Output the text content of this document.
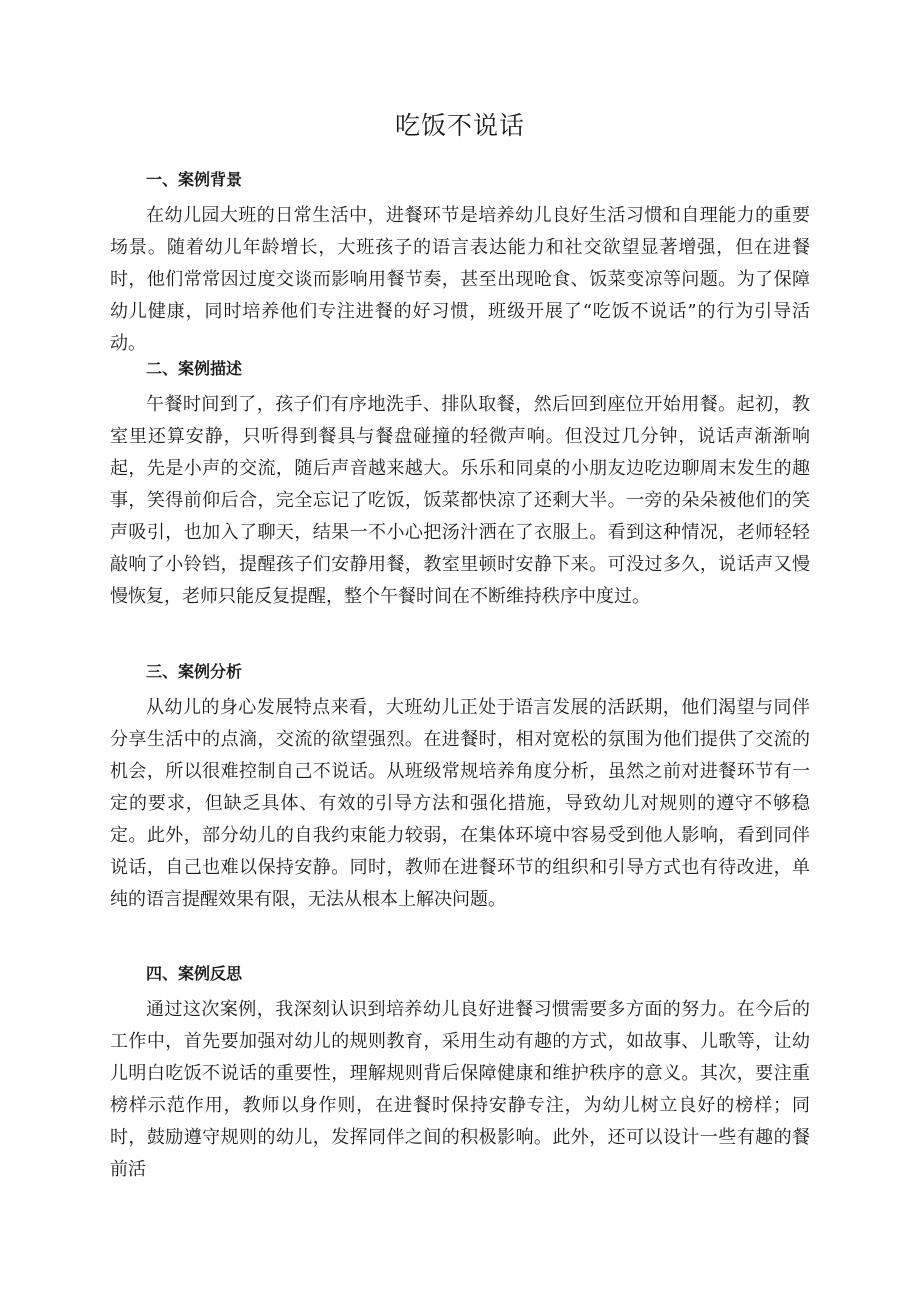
吃饭不说话
一、案例背景

在幼儿园大班的日常生活中，进餐环节是培养幼儿良好生活习惯和自理能力的重要场景。随着幼儿年龄增长，大班孩子的语言表达能力和社交欲望显著增强，但在进餐时，他们常常因过度交谈而影响用餐节奏，甚至出现呛食、饭菜变凉等问题。为了保障幼儿健康，同时培养他们专注进餐的好习惯，班级开展了“吃饭不说话”的行为引导活动。

二、案例描述

午餐时间到了，孩子们有序地洗手、排队取餐，然后回到座位开始用餐。起初，教室里还算安静，只听得到餐具与餐盘碰撞的轻微声响。但没过几分钟，说话声渐渐响起，先是小声的交流，随后声音越来越大。乐乐和同桌的小朋友边吃边聊周末发生的趣事，笑得前仰后合，完全忘记了吃饭，饭菜都快凉了还剩大半。一旁的朵朵被他们的笑声吸引，也加入了聊天，结果一不小心把汤汁洒在了衣服上。看到这种情况，老师轻轻敲响了小铃铛，提醒孩子们安静用餐，教室里顿时安静下来。可没过多久，说话声又慢慢恢复，老师只能反复提醒，整个午餐时间在不断维持秩序中度过。

三、案例分析

从幼儿的身心发展特点来看，大班幼儿正处于语言发展的活跃期，他们渴望与同伴分享生活中的点滴，交流的欲望强烈。在进餐时，相对宽松的氛围为他们提供了交流的机会，所以很难控制自己不说话。从班级常规培养角度分析，虽然之前对进餐环节有一定的要求，但缺乏具体、有效的引导方法和强化措施，导致幼儿对规则的遵守不够稳定。此外，部分幼儿的自我约束能力较弱，在集体环境中容易受到他人影响，看到同伴说话，自己也难以保持安静。同时，教师在进餐环节的组织和引导方式也有待改进，单纯的语言提醒效果有限，无法从根本上解决问题。

四、案例反思

通过这次案例，我深刻认识到培养幼儿良好进餐习惯需要多方面的努力。在今后的工作中，首先要加强对幼儿的规则教育，采用生动有趣的方式，如故事、儿歌等，让幼儿明白吃饭不说话的重要性，理解规则背后保障健康和维护秩序的意义。其次，要注重榜样示范作用，教师以身作则，在进餐时保持安静专注，为幼儿树立良好的榜样；同时，鼓励遵守规则的幼儿，发挥同伴之间的积极影响。此外，还可以设计一些有趣的餐前活
